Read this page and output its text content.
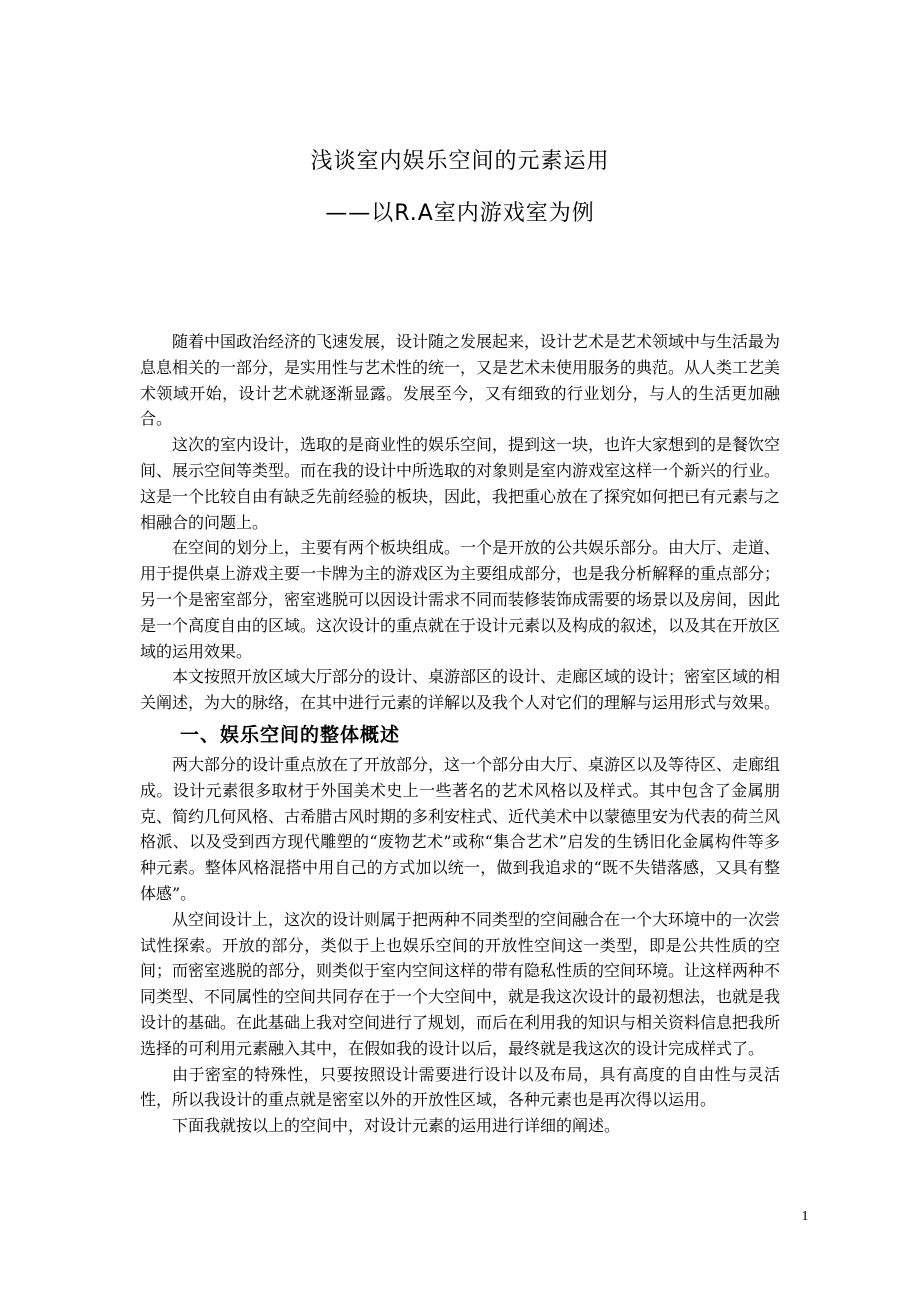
浅谈室内娱乐空间的元素运用
——以R.A室内游戏室为例

随着中国政治经济的飞速发展，设计随之发展起来，设计艺术是艺术领域中与生活最为息息相关的一部分，是实用性与艺术性的统一，又是艺术未使用服务的典范。从人类工艺美术领域开始，设计艺术就逐渐显露。发展至今，又有细致的行业划分，与人的生活更加融合。

这次的室内设计，选取的是商业性的娱乐空间，提到这一块，也许大家想到的是餐饮空间、展示空间等类型。而在我的设计中所选取的对象则是室内游戏室这样一个新兴的行业。这是一个比较自由有缺乏先前经验的板块，因此，我把重心放在了探究如何把已有元素与之相融合的问题上。

在空间的划分上，主要有两个板块组成。一个是开放的公共娱乐部分。由大厅、走道、用于提供桌上游戏主要一卡牌为主的游戏区为主要组成部分，也是我分析解释的重点部分；另一个是密室部分，密室逃脱可以因设计需求不同而装修装饰成需要的场景以及房间，因此是一个高度自由的区域。这次设计的重点就在于设计元素以及构成的叙述，以及其在开放区域的运用效果。

本文按照开放区域大厅部分的设计、桌游部区的设计、走廊区域的设计；密室区域的相关阐述，为大的脉络，在其中进行元素的详解以及我个人对它们的理解与运用形式与效果。

一、娱乐空间的整体概述

两大部分的设计重点放在了开放部分，这一个部分由大厅、桌游区以及等待区、走廊组成。设计元素很多取材于外国美术史上一些著名的艺术风格以及样式。其中包含了金属朋克、简约几何风格、古希腊古风时期的多利安柱式、近代美术中以蒙德里安为代表的荷兰风格派、以及受到西方现代雕塑的“废物艺术”或称“集合艺术”启发的生锈旧化金属构件等多种元素。整体风格混搭中用自己的方式加以统一，做到我追求的“既不失错落感，又具有整体感”。

从空间设计上，这次的设计则属于把两种不同类型的空间融合在一个大环境中的一次尝试性探索。开放的部分，类似于上也娱乐空间的开放性空间这一类型，即是公共性质的空间；而密室逃脱的部分，则类似于室内空间这样的带有隐私性质的空间环境。让这样两种不同类型、不同属性的空间共同存在于一个大空间中，就是我这次设计的最初想法，也就是我设计的基础。在此基础上我对空间进行了规划，而后在利用我的知识与相关资料信息把我所选择的可利用元素融入其中，在假如我的设计以后，最终就是我这次的设计完成样式了。

由于密室的特殊性，只要按照设计需要进行设计以及布局，具有高度的自由性与灵活性，所以我设计的重点就是密室以外的开放性区域，各种元素也是再次得以运用。

下面我就按以上的空间中，对设计元素的运用进行详细的阐述。

1
